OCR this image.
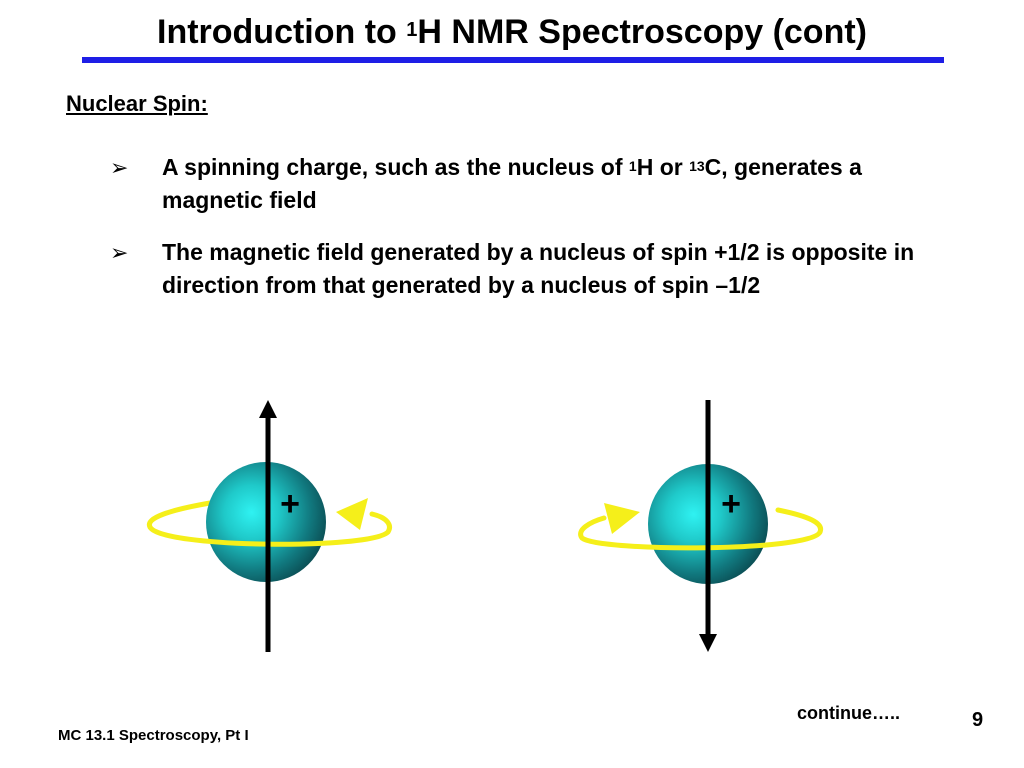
Introduction to $^1$H NMR Spectroscopy (cont)
Nuclear Spin:
➢ A spinning charge, such as the nucleus of $^1$H or $^{13}$C, generates a magnetic field
➢ The magnetic field generated by a nucleus of spin +1/2 is opposite in direction from that generated by a nucleus of spin –1/2
+	+
continue…..	9
MC 13.1 Spectroscopy, Pt I
